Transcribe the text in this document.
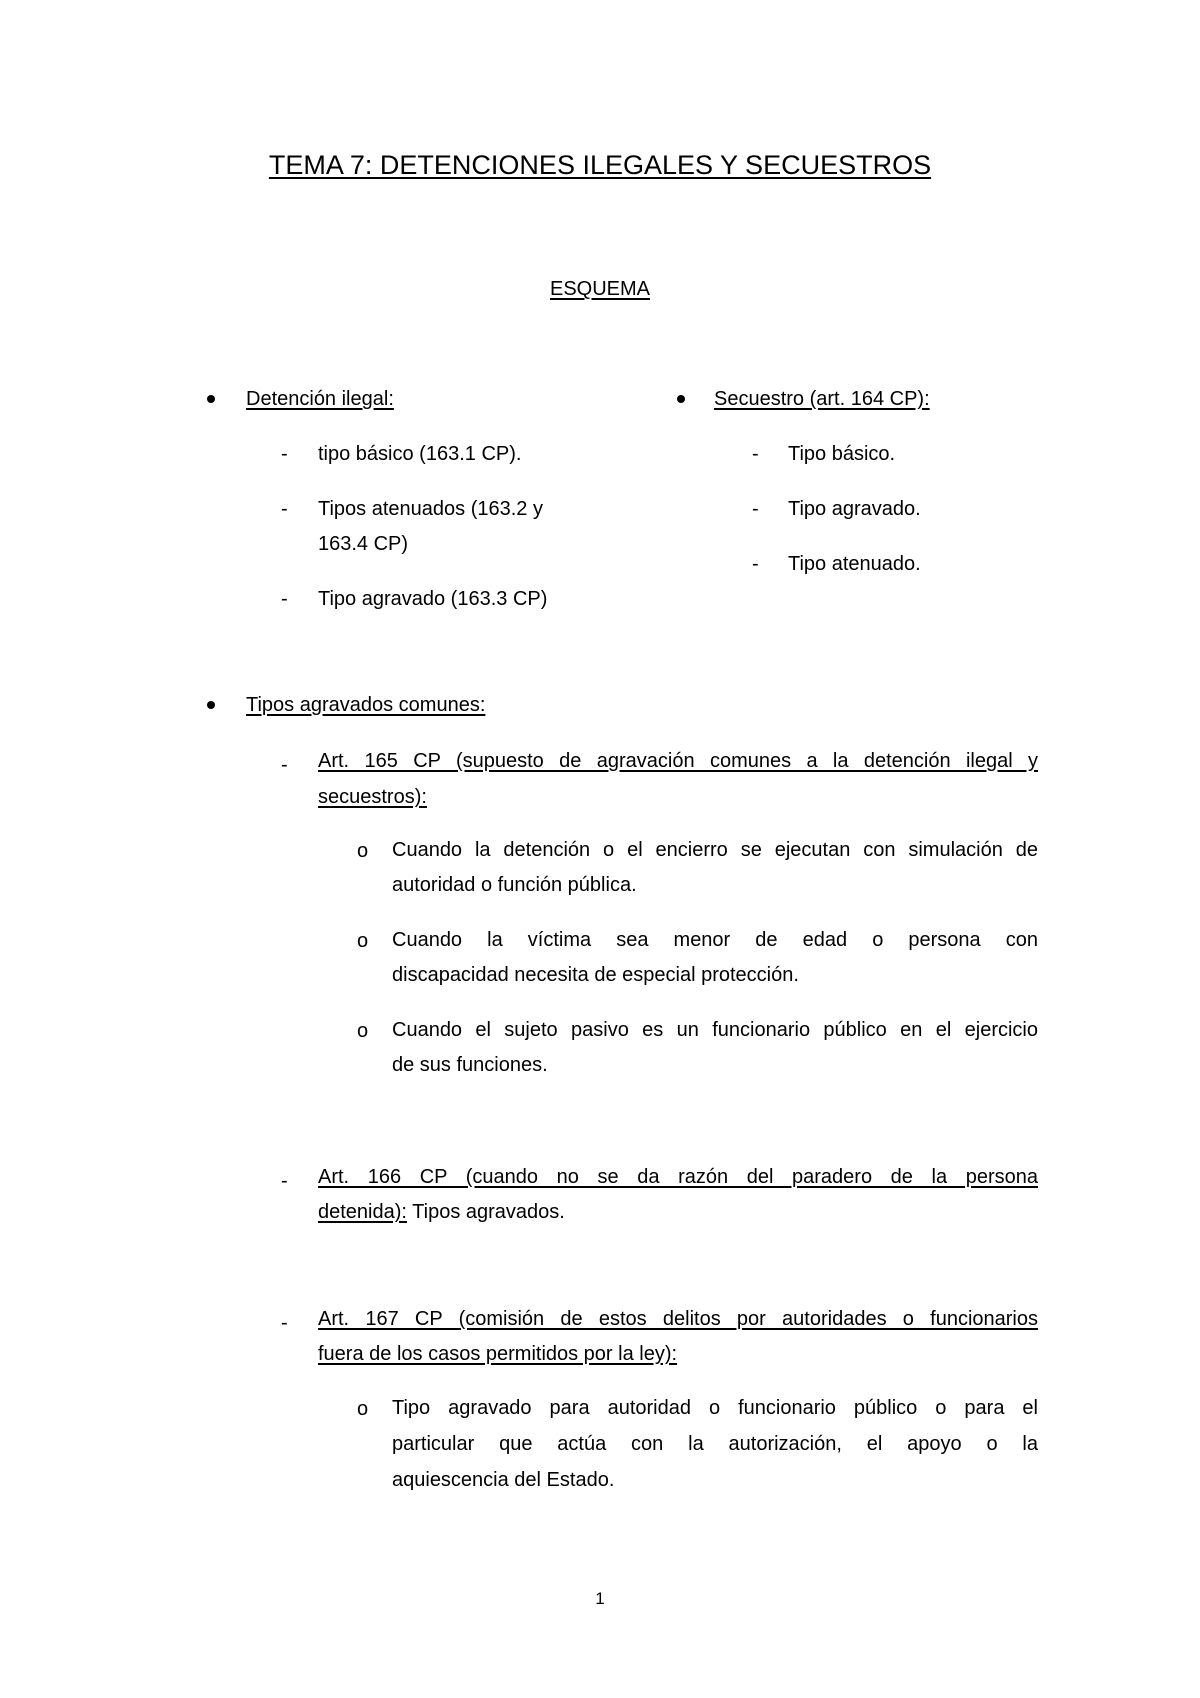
TEMA 7: DETENCIONES ILEGALES Y SECUESTROS
ESQUEMA
Detención ilegal:
- tipo básico (163.1 CP).
- Tipos atenuados (163.2 y
163.4 CP)
- Tipo agravado (163.3 CP)
Secuestro (art. 164 CP):
- Tipo básico.
- Tipo agravado.
- Tipo atenuado.
Tipos agravados comunes:
- Art. 165 CP (supuesto de agravación comunes a la detención ilegal y
secuestros):
o Cuando la detención o el encierro se ejecutan con simulación de
autoridad o función pública.
o Cuando la víctima sea menor de edad o persona con
discapacidad necesita de especial protección.
o Cuando el sujeto pasivo es un funcionario público en el ejercicio
de sus funciones.
- Art. 166 CP (cuando no se da razón del paradero de la persona
detenida): Tipos agravados.
- Art. 167 CP (comisión de estos delitos por autoridades o funcionarios
fuera de los casos permitidos por la ley):
o Tipo agravado para autoridad o funcionario público o para el
particular que actúa con la autorización, el apoyo o la
aquiescencia del Estado.
1
